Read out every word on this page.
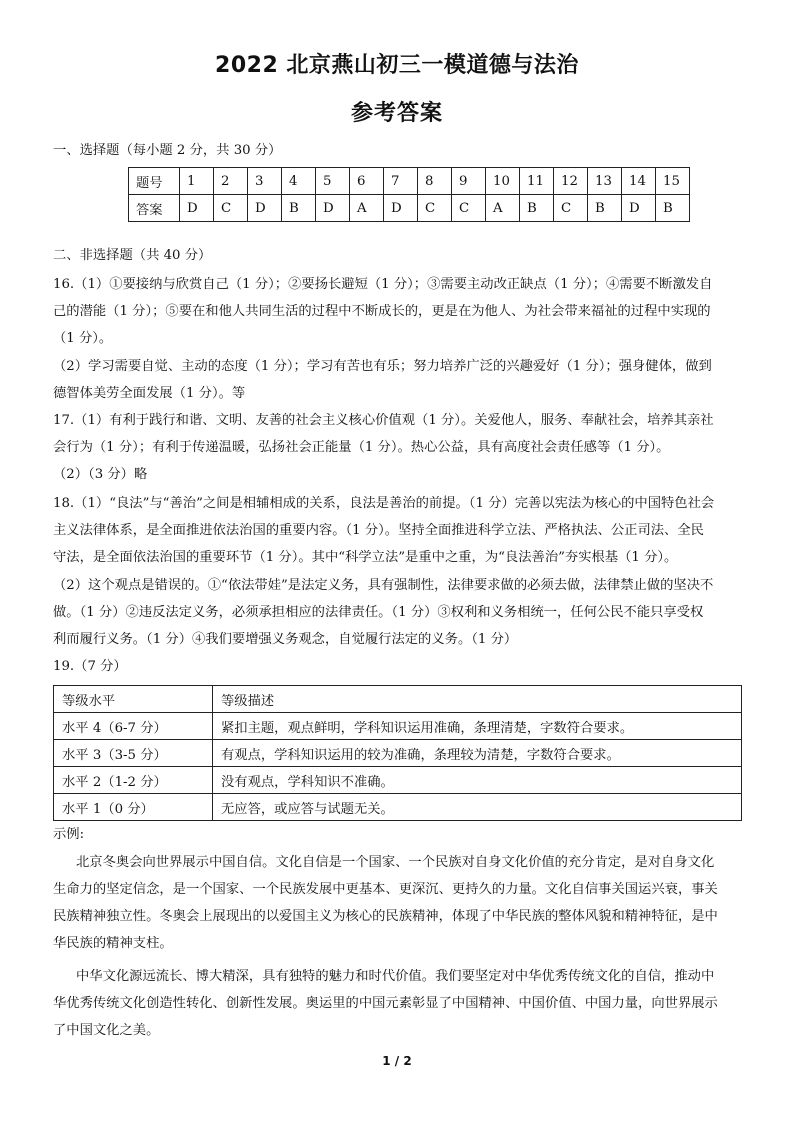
2022 北京燕山初三一模道德与法治
参考答案
一、选择题（每小题 2 分，共 30 分）
题号	1	2	3	4	5	6	7	8	9	10	11	12	13	14	15
答案	D	C	D	B	D	A	D	C	C	A	B	C	B	D	B
二、非选择题（共 40 分）
16.（1）①要接纳与欣赏自己（1 分）；②要扬长避短（1 分）；③需要主动改正缺点（1 分）；④需要不断激发自
己的潜能（1 分）；⑤要在和他人共同生活的过程中不断成长的，更是在为他人、为社会带来福祉的过程中实现的
（1 分）。
（2）学习需要自觉、主动的态度（1 分）；学习有苦也有乐；努力培养广泛的兴趣爱好（1 分）；强身健体，做到
德智体美劳全面发展（1 分）。等
17.（1）有利于践行和谐、文明、友善的社会主义核心价值观（1 分）。关爱他人，服务、奉献社会，培养其亲社
会行为（1 分）；有利于传递温暖，弘扬社会正能量（1 分）。热心公益，具有高度社会责任感等（1 分）。
（2）（3 分）略
18.（1）“良法”与“善治”之间是相辅相成的关系，良法是善治的前提。（1 分）完善以宪法为核心的中国特色社会
主义法律体系，是全面推进依法治国的重要内容。（1 分）。坚持全面推进科学立法、严格执法、公正司法、全民
守法，是全面依法治国的重要环节（1 分）。其中“科学立法”是重中之重，为“良法善治”夯实根基（1 分）。
（2）这个观点是错误的。①“依法带娃”是法定义务，具有强制性，法律要求做的必须去做，法律禁止做的坚决不
做。（1 分）②违反法定义务，必须承担相应的法律责任。（1 分）③权利和义务相统一，任何公民不能只享受权
利而履行义务。（1 分）④我们要增强义务观念，自觉履行法定的义务。（1 分）
19.（7 分）
等级水平	等级描述
水平 4（6-7 分）	紧扣主题，观点鲜明，学科知识运用准确，条理清楚，字数符合要求。
水平 3（3-5 分）	有观点，学科知识运用的较为准确，条理较为清楚，字数符合要求。
水平 2（1-2 分）	没有观点，学科知识不准确。
水平 1（0 分）	无应答，或应答与试题无关。
示例:
北京冬奥会向世界展示中国自信。文化自信是一个国家、一个民族对自身文化价值的充分肯定，是对自身文化
生命力的坚定信念，是一个国家、一个民族发展中更基本、更深沉、更持久的力量。文化自信事关国运兴衰，事关
民族精神独立性。冬奥会上展现出的以爱国主义为核心的民族精神，体现了中华民族的整体风貌和精神特征，是中
华民族的精神支柱。
中华文化源远流长、博大精深，具有独特的魅力和时代价值。我们要坚定对中华优秀传统文化的自信，推动中
华优秀传统文化创造性转化、创新性发展。奥运里的中国元素彰显了中国精神、中国价值、中国力量，向世界展示
了中国文化之美。
1 / 2
